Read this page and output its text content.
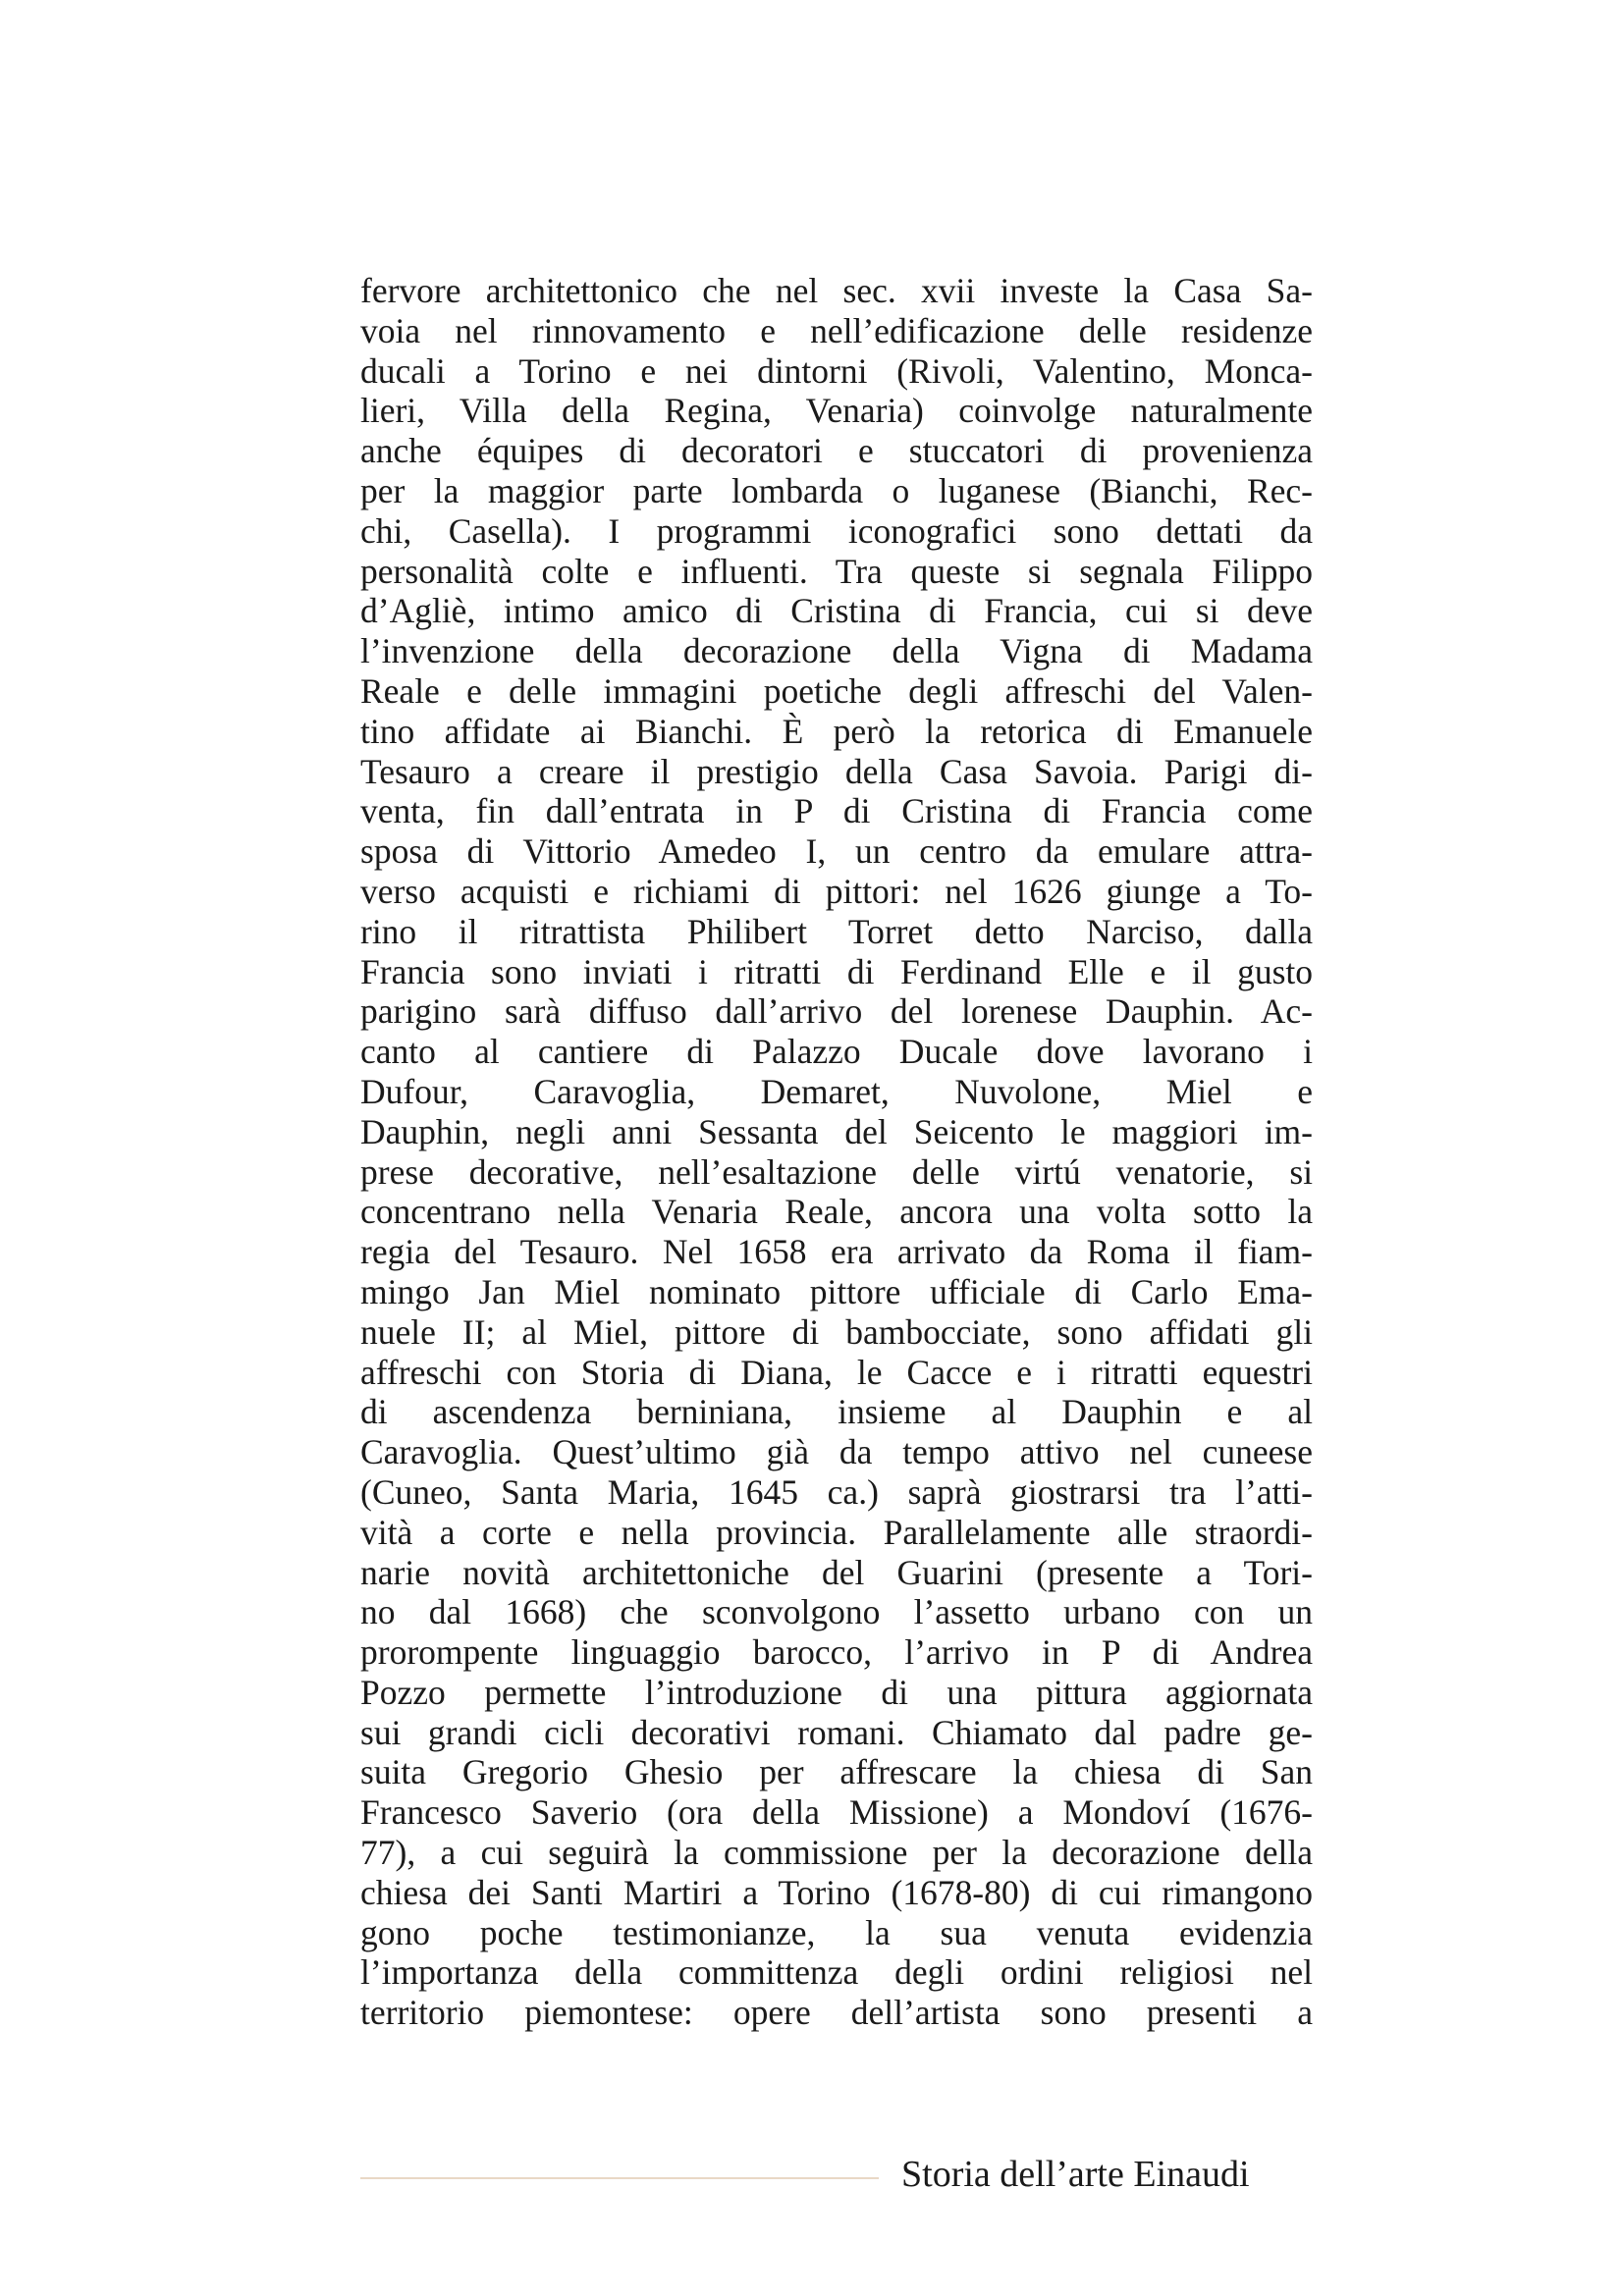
fervore architettonico che nel sec. xvii investe la Casa Sa-
voia nel rinnovamento e nell’edificazione delle residenze
ducali a Torino e nei dintorni (Rivoli, Valentino, Monca-
lieri, Villa della Regina, Venaria) coinvolge naturalmente
anche équipes di decoratori e stuccatori di provenienza
per la maggior parte lombarda o luganese (Bianchi, Rec-
chi, Casella). I programmi iconografici sono dettati da
personalità colte e influenti. Tra queste si segnala Filippo
d’Agliè, intimo amico di Cristina di Francia, cui si deve
l’invenzione della decorazione della Vigna di Madama
Reale e delle immagini poetiche degli affreschi del Valen-
tino affidate ai Bianchi. È però la retorica di Emanuele
Tesauro a creare il prestigio della Casa Savoia. Parigi di-
venta, fin dall’entrata in P di Cristina di Francia come
sposa di Vittorio Amedeo I, un centro da emulare attra-
verso acquisti e richiami di pittori: nel 1626 giunge a To-
rino il ritrattista Philibert Torret detto Narciso, dalla
Francia sono inviati i ritratti di Ferdinand Elle e il gusto
parigino sarà diffuso dall’arrivo del lorenese Dauphin. Ac-
canto al cantiere di Palazzo Ducale dove lavorano i
Dufour, Caravoglia, Demaret, Nuvolone, Miel e
Dauphin, negli anni Sessanta del Seicento le maggiori im-
prese decorative, nell’esaltazione delle virtú venatorie, si
concentrano nella Venaria Reale, ancora una volta sotto la
regia del Tesauro. Nel 1658 era arrivato da Roma il fiam-
mingo Jan Miel nominato pittore ufficiale di Carlo Ema-
nuele II; al Miel, pittore di bambocciate, sono affidati gli
affreschi con Storia di Diana, le Cacce e i ritratti equestri
di ascendenza berniniana, insieme al Dauphin e al
Caravoglia. Quest’ultimo già da tempo attivo nel cuneese
(Cuneo, Santa Maria, 1645 ca.) saprà giostrarsi tra l’atti-
vità a corte e nella provincia. Parallelamente alle straordi-
narie novità architettoniche del Guarini (presente a Tori-
no dal 1668) che sconvolgono l’assetto urbano con un
prorompente linguaggio barocco, l’arrivo in P di Andrea
Pozzo permette l’introduzione di una pittura aggiornata
sui grandi cicli decorativi romani. Chiamato dal padre ge-
suita Gregorio Ghesio per affrescare la chiesa di San
Francesco Saverio (ora della Missione) a Mondoví (1676-
77), a cui seguirà la commissione per la decorazione della
chiesa dei Santi Martiri a Torino (1678-80) di cui rimangono
gono poche testimonianze, la sua venuta evidenzia
l’importanza della committenza degli ordini religiosi nel
territorio piemontese: opere dell’artista sono presenti a
Storia dell’arte Einaudi
